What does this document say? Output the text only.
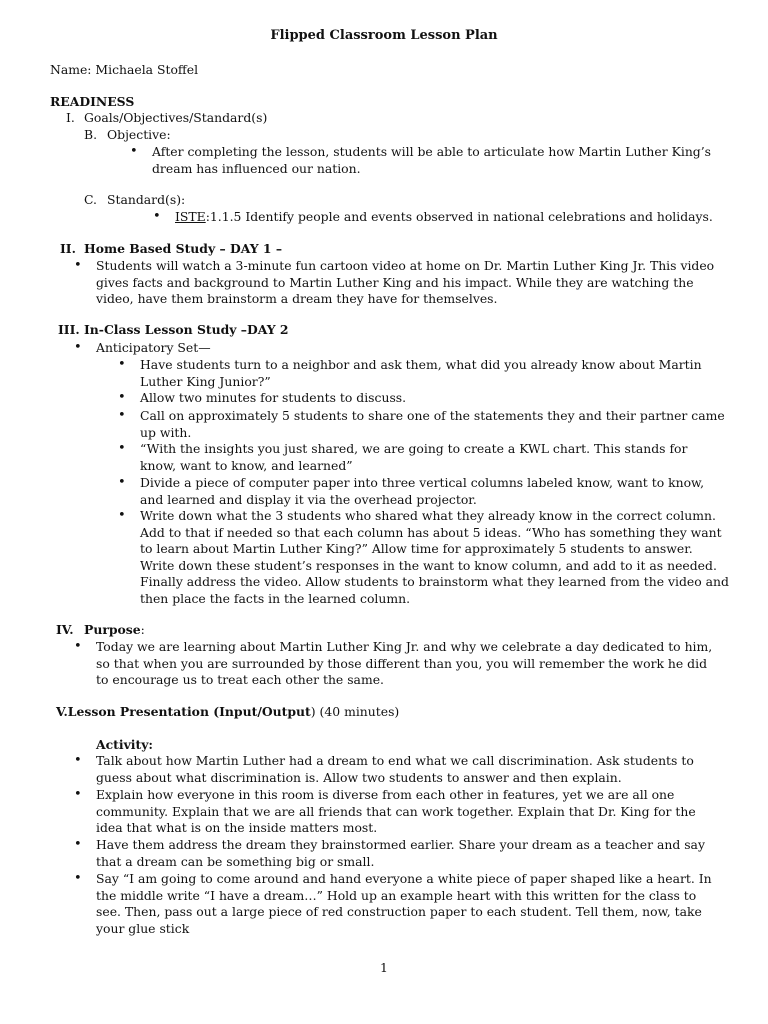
Flipped Classroom Lesson Plan
Name: Michaela Stoffel
READINESS
I. Goals/Objectives/Standard(s)
B. Objective:
• After completing the lesson, students will be able to articulate how Martin Luther King’s dream has influenced our nation.
C. Standard(s):
• ISTE:1.1.5 Identify people and events observed in national celebrations and holidays.
II. Home Based Study – DAY 1 –
• Students will watch a 3-minute fun cartoon video at home on Dr. Martin Luther King Jr. This video gives facts and background to Martin Luther King and his impact. While they are watching the video, have them brainstorm a dream they have for themselves.
III. In-Class Lesson Study –DAY 2
• Anticipatory Set—
• Have students turn to a neighbor and ask them, what did you already know about Martin Luther King Junior?”
• Allow two minutes for students to discuss.
• Call on approximately 5 students to share one of the statements they and their partner came up with.
• “With the insights you just shared, we are going to create a KWL chart. This stands for know, want to know, and learned”
• Divide a piece of computer paper into three vertical columns labeled know, want to know, and learned and display it via the overhead projector.
• Write down what the 3 students who shared what they already know in the correct column. Add to that if needed so that each column has about 5 ideas. “Who has something they want to learn about Martin Luther King?” Allow time for approximately 5 students to answer. Write down these student’s responses in the want to know column, and add to it as needed. Finally address the video. Allow students to brainstorm what they learned from the video and then place the facts in the learned column.
IV. Purpose:
• Today we are learning about Martin Luther King Jr. and why we celebrate a day dedicated to him, so that when you are surrounded by those different than you, you will remember the work he did to encourage us to treat each other the same.
V.Lesson Presentation (Input/Output) (40 minutes)
Activity:
• Talk about how Martin Luther had a dream to end what we call discrimination. Ask students to guess about what discrimination is. Allow two students to answer and then explain.
• Explain how everyone in this room is diverse from each other in features, yet we are all one community. Explain that we are all friends that can work together. Explain that Dr. King for the idea that what is on the inside matters most.
• Have them address the dream they brainstormed earlier. Share your dream as a teacher and say that a dream can be something big or small.
• Say “I am going to come around and hand everyone a white piece of paper shaped like a heart. In the middle write “I have a dream…” Hold up an example heart with this written for the class to see. Then, pass out a large piece of red construction paper to each student. Tell them, now, take your glue stick
1
